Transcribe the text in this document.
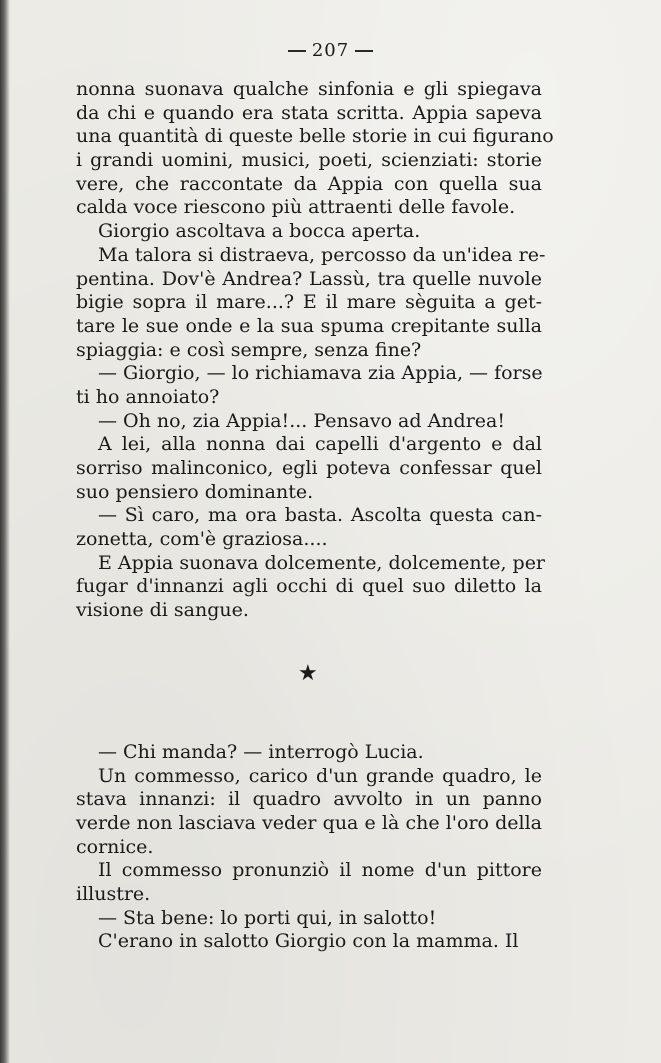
207
nonna suonava qualche sinfonia e gli spiegava
da chi e quando era stata scritta. Appia sapeva
una quantità di queste belle storie in cui figurano
i grandi uomini, musici, poeti, scienziati: storie
vere, che raccontate da Appia con quella sua
calda voce riescono più attraenti delle favole.
Giorgio ascoltava a bocca aperta.
Ma talora si distraeva, percosso da un'idea re-
pentina. Dov'è Andrea? Lassù, tra quelle nuvole
bigie sopra il mare...? E il mare sèguita a get-
tare le sue onde e la sua spuma crepitante sulla
spiaggia: e così sempre, senza fine?
— Giorgio, — lo richiamava zia Appia, — forse
ti ho annoiato?
— Oh no, zia Appia!... Pensavo ad Andrea!
A lei, alla nonna dai capelli d'argento e dal
sorriso malinconico, egli poteva confessar quel
suo pensiero dominante.
— Sì caro, ma ora basta. Ascolta questa can-
zonetta, com'è graziosa....
E Appia suonava dolcemente, dolcemente, per
fugar d'innanzi agli occhi di quel suo diletto la
visione di sangue.
★
— Chi manda? — interrogò Lucia.
Un commesso, carico d'un grande quadro, le
stava innanzi: il quadro avvolto in un panno
verde non lasciava veder qua e là che l'oro della
cornice.
Il commesso pronunziò il nome d'un pittore
illustre.
— Sta bene: lo porti qui, in salotto!
C'erano in salotto Giorgio con la mamma. Il
